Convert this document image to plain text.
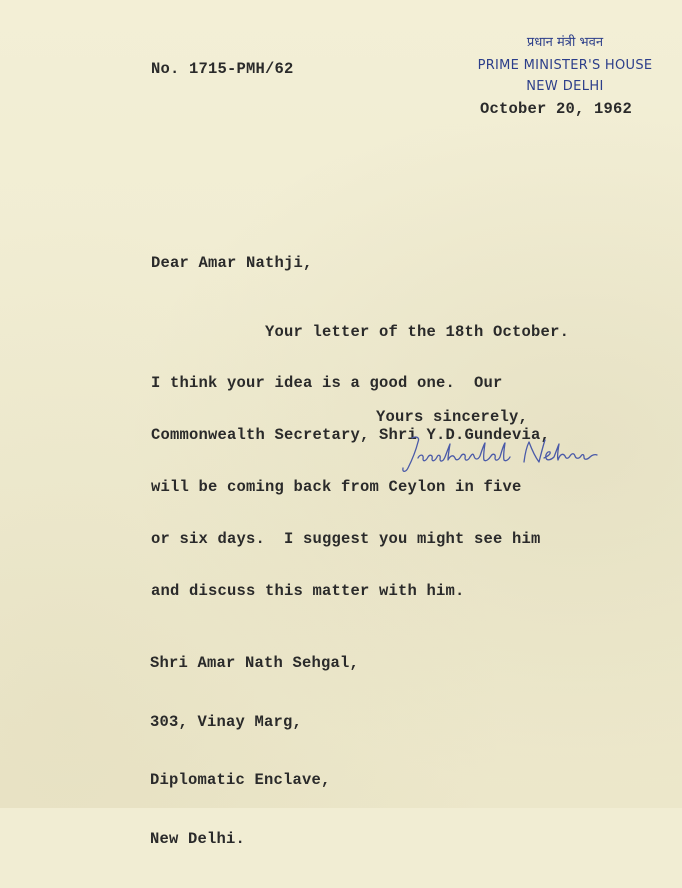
प्रधान मंत्री भवन
PRIME MINISTER'S HOUSE
NEW DELHI
No. 1715-PMH/62
October 20, 1962
Dear Amar Nathji,

Your letter of the 18th October.

I think your idea is a good one.  Our

Commonwealth Secretary, Shri Y.D.Gundevia,

will be coming back from Ceylon in five

or six days.  I suggest you might see him

and discuss this matter with him.

Yours sincerely,

Shri Amar Nath Sehgal,

303, Vinay Marg,

Diplomatic Enclave,

New Delhi.
